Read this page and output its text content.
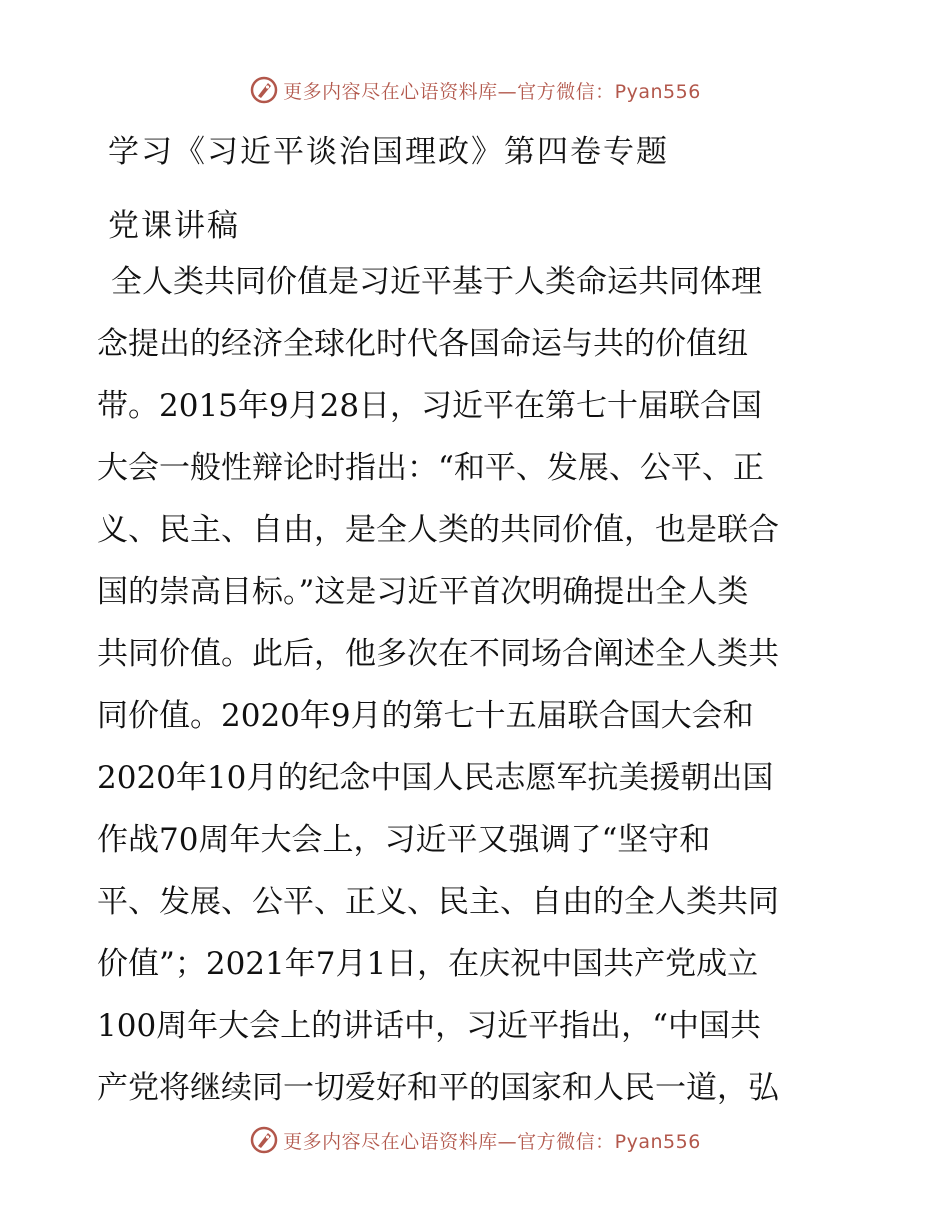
更多内容尽在心语资料库—官方微信：Pyan556
学习《习近平谈治国理政》第四卷专题
党课讲稿
全人类共同价值是习近平基于人类命运共同体理
念提出的经济全球化时代各国命运与共的价值纽
带。2015年9月28日，习近平在第七十届联合国
大会一般性辩论时指出：“和平、发展、公平、正
义、民主、自由，是全人类的共同价值，也是联合
国的崇高目标。”这是习近平首次明确提出全人类
共同价值。此后，他多次在不同场合阐述全人类共
同价值。2020年9月的第七十五届联合国大会和
2020年10月的纪念中国人民志愿军抗美援朝出国
作战70周年大会上，习近平又强调了“坚守和
平、发展、公平、正义、民主、自由的全人类共同
价值”；2021年7月1日，在庆祝中国共产党成立
100周年大会上的讲话中，习近平指出，“中国共
产党将继续同一切爱好和平的国家和人民一道，弘
更多内容尽在心语资料库—官方微信：Pyan556
